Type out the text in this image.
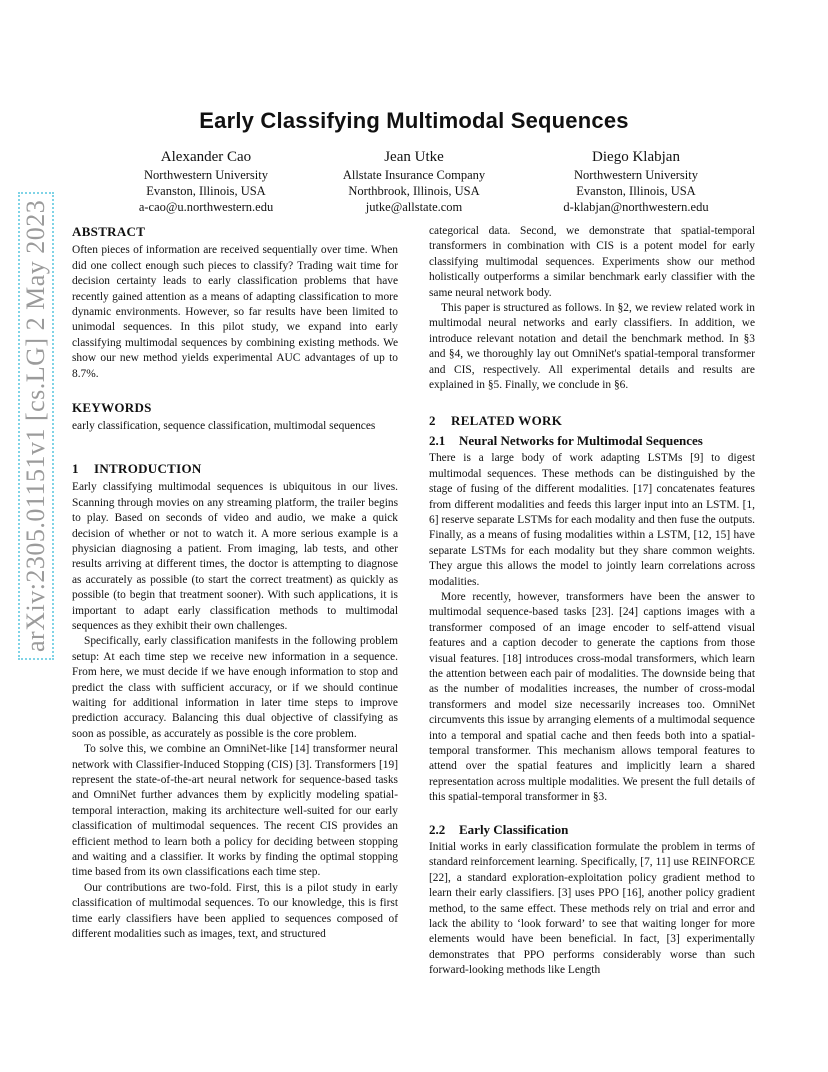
arXiv:2305.01151v1 [cs.LG] 2 May 2023
Early Classifying Multimodal Sequences
Alexander Cao
Northwestern University
Evanston, Illinois, USA
a-cao@u.northwestern.edu
Jean Utke
Allstate Insurance Company
Northbrook, Illinois, USA
jutke@allstate.com
Diego Klabjan
Northwestern University
Evanston, Illinois, USA
d-klabjan@northwestern.edu
ABSTRACT

Often pieces of information are received sequentially over time. When did one collect enough such pieces to classify? Trading wait time for decision certainty leads to early classification problems that have recently gained attention as a means of adapting classification to more dynamic environments. However, so far results have been limited to unimodal sequences. In this pilot study, we expand into early classifying multimodal sequences by combining existing methods. We show our new method yields experimental AUC advantages of up to 8.7%.

KEYWORDS

early classification, sequence classification, multimodal sequences

1 INTRODUCTION

Early classifying multimodal sequences is ubiquitous in our lives. Scanning through movies on any streaming platform, the trailer begins to play. Based on seconds of video and audio, we make a quick decision of whether or not to watch it. A more serious example is a physician diagnosing a patient. From imaging, lab tests, and other results arriving at different times, the doctor is attempting to diagnose as accurately as possible (to start the correct treatment) as quickly as possible (to begin that treatment sooner). With such applications, it is important to adapt early classification methods to multimodal sequences as they exhibit their own challenges.

Specifically, early classification manifests in the following problem setup: At each time step we receive new information in a sequence. From here, we must decide if we have enough information to stop and predict the class with sufficient accuracy, or if we should continue waiting for additional information in later time steps to improve prediction accuracy. Balancing this dual objective of classifying as soon as possible, as accurately as possible is the core problem.

To solve this, we combine an OmniNet-like [14] transformer neural network with Classifier-Induced Stopping (CIS) [3]. Transformers [19] represent the state-of-the-art neural network for sequence-based tasks and OmniNet further advances them by explicitly modeling spatial-temporal interaction, making its architecture well-suited for our early classification of multimodal sequences. The recent CIS provides an efficient method to learn both a policy for deciding between stopping and waiting and a classifier. It works by finding the optimal stopping time based from its own classifications each time step.

Our contributions are two-fold. First, this is a pilot study in early classification of multimodal sequences. To our knowledge, this is first time early classifiers have been applied to sequences composed of different modalities such as images, text, and structured

categorical data. Second, we demonstrate that spatial-temporal transformers in combination with CIS is a potent model for early classifying multimodal sequences. Experiments show our method holistically outperforms a similar benchmark early classifier with the same neural network body.

This paper is structured as follows. In §2, we review related work in multimodal neural networks and early classifiers. In addition, we introduce relevant notation and detail the benchmark method. In §3 and §4, we thoroughly lay out OmniNet's spatial-temporal transformer and CIS, respectively. All experimental details and results are explained in §5. Finally, we conclude in §6.

2 RELATED WORK
2.1 Neural Networks for Multimodal Sequences

There is a large body of work adapting LSTMs [9] to digest multimodal sequences. These methods can be distinguished by the stage of fusing of the different modalities. [17] concatenates features from different modalities and feeds this larger input into an LSTM. [1, 6] reserve separate LSTMs for each modality and then fuse the outputs. Finally, as a means of fusing modalities within a LSTM, [12, 15] have separate LSTMs for each modality but they share common weights. They argue this allows the model to jointly learn correlations across modalities.

More recently, however, transformers have been the answer to multimodal sequence-based tasks [23]. [24] captions images with a transformer composed of an image encoder to self-attend visual features and a caption decoder to generate the captions from those visual features. [18] introduces cross-modal transformers, which learn the attention between each pair of modalities. The downside being that as the number of modalities increases, the number of cross-modal transformers and model size necessarily increases too. OmniNet circumvents this issue by arranging elements of a multimodal sequence into a temporal and spatial cache and then feeds both into a spatial-temporal transformer. This mechanism allows temporal features to attend over the spatial features and implicitly learn a shared representation across multiple modalities. We present the full details of this spatial-temporal transformer in §3.

2.2 Early Classification

Initial works in early classification formulate the problem in terms of standard reinforcement learning. Specifically, [7, 11] use REINFORCE [22], a standard exploration-exploitation policy gradient method to learn their early classifiers. [3] uses PPO [16], another policy gradient method, to the same effect. These methods rely on trial and error and lack the ability to ‘look forward’ to see that waiting longer for more elements would have been beneficial. In fact, [3] experimentally demonstrates that PPO performs considerably worse than such forward-looking methods like Length
